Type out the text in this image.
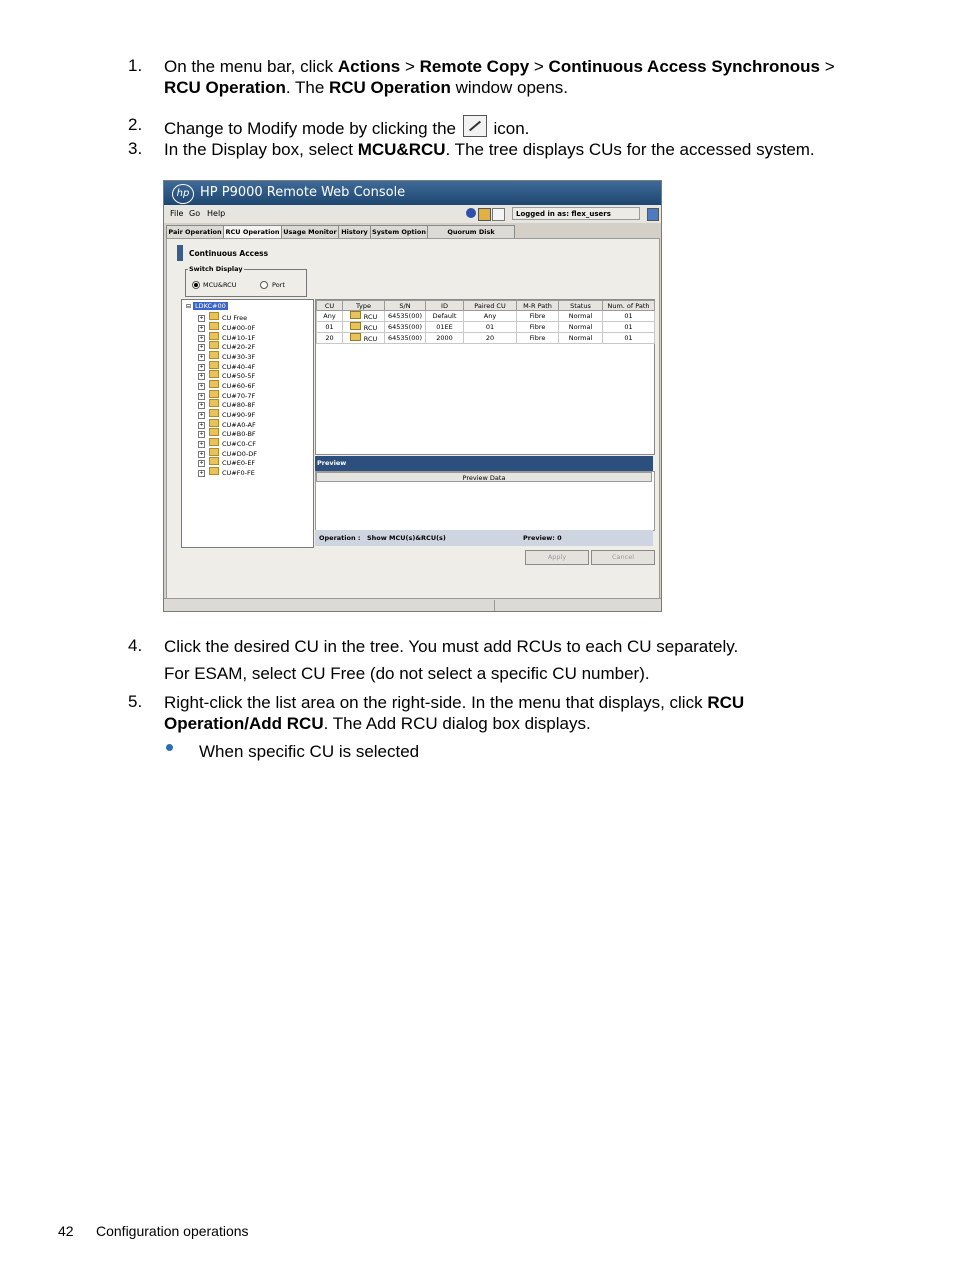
1. On the menu bar, click Actions > Remote Copy > Continuous Access Synchronous > RCU Operation. The RCU Operation window opens.
2. Change to Modify mode by clicking the icon.
3. In the Display box, select MCU&RCU. The tree displays CUs for the accessed system.
hp HP P9000 Remote Web Console
File Go Help	Logged in as: flex_users
Pair Operation RCU Operation Usage Monitor History System Option	Quorum Disk
Continuous Access
Switch Display
MCU&RCU	Port
⊟ LDKC#00
+	CU Free
+	CU#00-0F
+	CU#10-1F
+	CU#20-2F
+	CU#30-3F
+	CU#40-4F
+	CU#50-5F
+	CU#60-6F
+	CU#70-7F
+	CU#80-8F
+	CU#90-9F
+	CU#A0-AF
+	CU#B0-BF
+	CU#C0-CF
+	CU#D0-DF
+	CU#E0-EF
+	CU#F0-FE
CU	Type	S/N	ID	Paired CU	M-R Path	Status	Num. of Path
Any	RCU	64535(00)	Default	Any	Fibre	Normal	01
01	RCU	64535(00)	01EE	01	Fibre	Normal	01
20	RCU	64535(00)	2000	20	Fibre	Normal	01
Preview
Preview Data
Operation : Show MCU(s)&RCU(s)	Preview: 0
Apply	Cancel
4. Click the desired CU in the tree. You must add RCUs to each CU separately.
For ESAM, select CU Free (do not select a specific CU number).
5. Right-click the list area on the right-side. In the menu that displays, click RCU Operation/Add RCU. The Add RCU dialog box displays.
When specific CU is selected
42 Configuration operations
